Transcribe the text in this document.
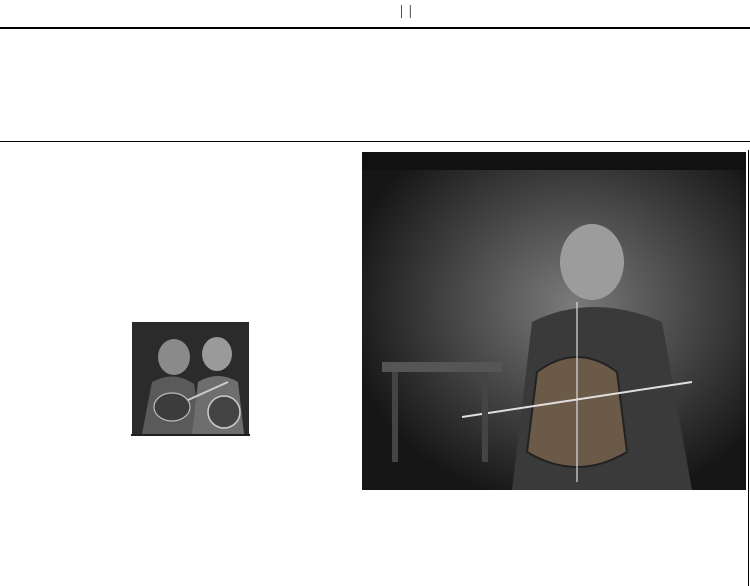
| |
